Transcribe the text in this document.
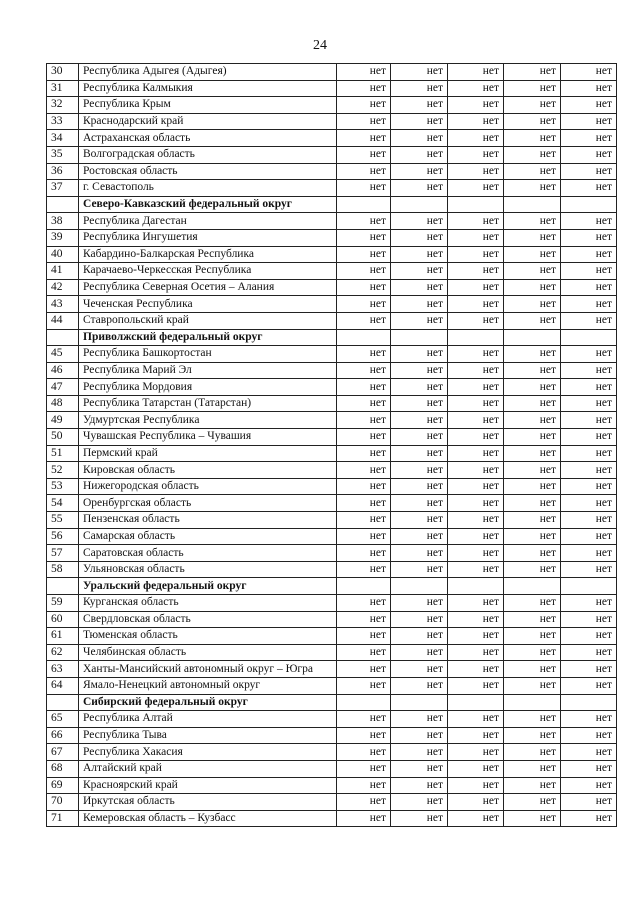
24
30	Республика Адыгея (Адыгея)	нет	нет	нет	нет	нет
31	Республика Калмыкия	нет	нет	нет	нет	нет
32	Республика Крым	нет	нет	нет	нет	нет
33	Краснодарский край	нет	нет	нет	нет	нет
34	Астраханская область	нет	нет	нет	нет	нет
35	Волгоградская область	нет	нет	нет	нет	нет
36	Ростовская область	нет	нет	нет	нет	нет
37	г. Севастополь	нет	нет	нет	нет	нет
	Северо-Кавказский федеральный округ					
38	Республика Дагестан	нет	нет	нет	нет	нет
39	Республика Ингушетия	нет	нет	нет	нет	нет
40	Кабардино-Балкарская Республика	нет	нет	нет	нет	нет
41	Карачаево-Черкесская Республика	нет	нет	нет	нет	нет
42	Республика Северная Осетия – Алания	нет	нет	нет	нет	нет
43	Чеченская Республика	нет	нет	нет	нет	нет
44	Ставропольский край	нет	нет	нет	нет	нет
	Приволжский федеральный округ					
45	Республика Башкортостан	нет	нет	нет	нет	нет
46	Республика Марий Эл	нет	нет	нет	нет	нет
47	Республика Мордовия	нет	нет	нет	нет	нет
48	Республика Татарстан (Татарстан)	нет	нет	нет	нет	нет
49	Удмуртская Республика	нет	нет	нет	нет	нет
50	Чувашская Республика – Чувашия	нет	нет	нет	нет	нет
51	Пермский край	нет	нет	нет	нет	нет
52	Кировская область	нет	нет	нет	нет	нет
53	Нижегородская область	нет	нет	нет	нет	нет
54	Оренбургская область	нет	нет	нет	нет	нет
55	Пензенская область	нет	нет	нет	нет	нет
56	Самарская область	нет	нет	нет	нет	нет
57	Саратовская область	нет	нет	нет	нет	нет
58	Ульяновская область	нет	нет	нет	нет	нет
	Уральский федеральный округ					
59	Курганская область	нет	нет	нет	нет	нет
60	Свердловская область	нет	нет	нет	нет	нет
61	Тюменская область	нет	нет	нет	нет	нет
62	Челябинская область	нет	нет	нет	нет	нет
63	Ханты-Мансийский автономный округ – Югра	нет	нет	нет	нет	нет
64	Ямало-Ненецкий автономный округ	нет	нет	нет	нет	нет
	Сибирский федеральный округ					
65	Республика Алтай	нет	нет	нет	нет	нет
66	Республика Тыва	нет	нет	нет	нет	нет
67	Республика Хакасия	нет	нет	нет	нет	нет
68	Алтайский край	нет	нет	нет	нет	нет
69	Красноярский край	нет	нет	нет	нет	нет
70	Иркутская область	нет	нет	нет	нет	нет
71	Кемеровская область – Кузбасс	нет	нет	нет	нет	нет
